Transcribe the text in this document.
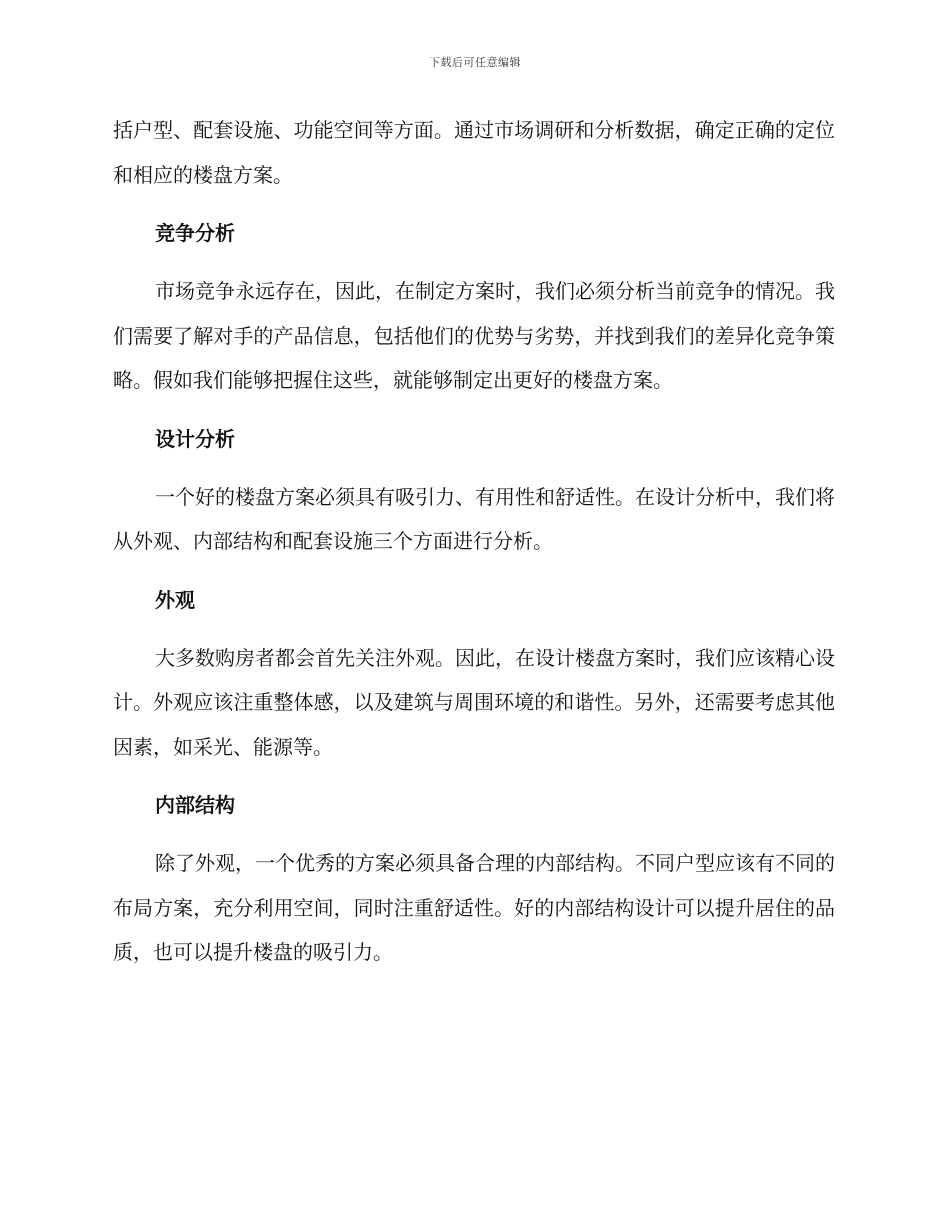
下载后可任意编辑

括户型、配套设施、功能空间等方面。通过市场调研和分析数据，确定正确的定位和相应的楼盘方案。

竞争分析

市场竞争永远存在，因此，在制定方案时，我们必须分析当前竞争的情况。我们需要了解对手的产品信息，包括他们的优势与劣势，并找到我们的差异化竞争策略。假如我们能够把握住这些，就能够制定出更好的楼盘方案。

设计分析

一个好的楼盘方案必须具有吸引力、有用性和舒适性。在设计分析中，我们将从外观、内部结构和配套设施三个方面进行分析。

外观

大多数购房者都会首先关注外观。因此，在设计楼盘方案时，我们应该精心设计。外观应该注重整体感，以及建筑与周围环境的和谐性。另外，还需要考虑其他因素，如采光、能源等。

内部结构

除了外观，一个优秀的方案必须具备合理的内部结构。不同户型应该有不同的布局方案，充分利用空间，同时注重舒适性。好的内部结构设计可以提升居住的品质，也可以提升楼盘的吸引力。
